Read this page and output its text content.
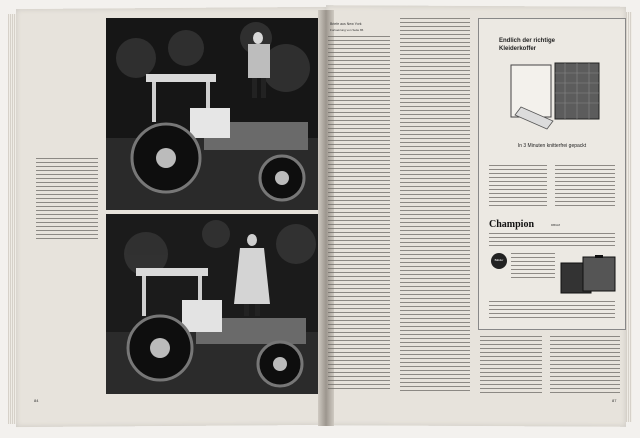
Briefe aus New York
Fortsetzung von Seite 86
Endlich der richtige
Kleiderkoffer
In 3 Minuten knitterfrei gepackt
Champion	DBGM
Bäldur
84	87
